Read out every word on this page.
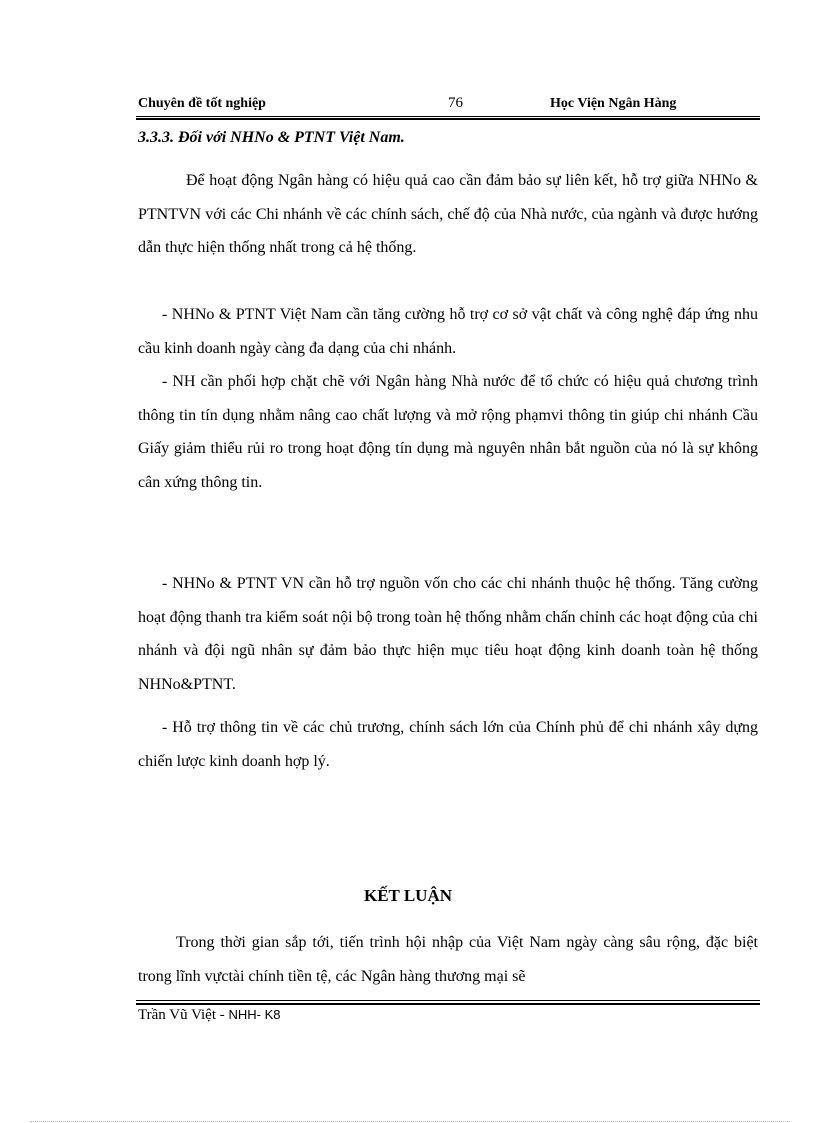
Chuyên đề tốt nghiệp	76	Học Viện Ngân Hàng
3.3.3. Đối với NHNo & PTNT Việt Nam.

Để hoạt động Ngân hàng có hiệu quả cao cần đảm bảo sự liên kết, hỗ trợ giữa NHNo & PTNTVN với các Chi nhánh về các chính sách, chế độ của Nhà nước, của ngành và được hướng dẫn thực hiện thống nhất trong cả hệ thống.

- NHNo & PTNT Việt Nam cần tăng cường hỗ trợ cơ sở vật chất và công nghệ đáp ứng nhu cầu kinh doanh ngày càng đa dạng của chi nhánh.

- NH cần phối hợp chặt chẽ với Ngân hàng Nhà nước để tổ chức có hiệu quả chương trình thông tin tín dụng nhằm nâng cao chất lượng và mở rộng phạmvi thông tin giúp chi nhánh Cầu Giấy giảm thiểu rủi ro trong hoạt động tín dụng mà nguyên nhân bắt nguồn của nó là sự không cân xứng thông tin.

- NHNo & PTNT VN cần hỗ trợ nguồn vốn cho các chi nhánh thuộc hệ thống. Tăng cường hoạt động thanh tra kiểm soát nội bộ trong toàn hệ thống nhằm chấn chỉnh các hoạt động của chi nhánh và đội ngũ nhân sự đảm bảo thực hiện mục tiêu hoạt động kinh doanh toàn hệ thống NHNo&PTNT.

- Hỗ trợ thông tin về các chủ trương, chính sách lớn của Chính phủ để chi nhánh xây dựng chiến lược kinh doanh hợp lý.

KẾT LUẬN

Trong thời gian sắp tới, tiến trình hội nhập của Việt Nam ngày càng sâu rộng, đặc biệt trong lĩnh vựctài chính tiền tệ, các Ngân hàng thương mại sẽ

Trần Vũ Việt - NHH- K8
